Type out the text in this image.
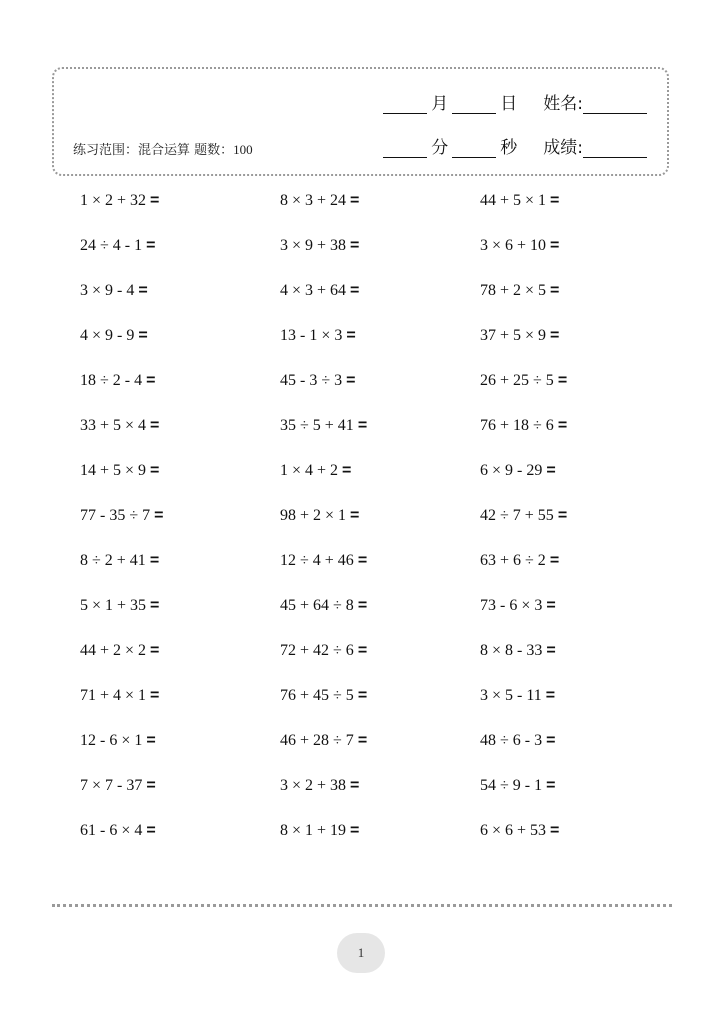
月	日 姓名:
练习范围：混合运算 题数：100	分	秒 成绩:
1 × 2 + 32 =	8 × 3 + 24 =	44 + 5 × 1 =
24 ÷ 4 - 1 =	3 × 9 + 38 =	3 × 6 + 10 =
3 × 9 - 4 =	4 × 3 + 64 =	78 + 2 × 5 =
4 × 9 - 9 =	13 - 1 × 3 =	37 + 5 × 9 =
18 ÷ 2 - 4 =	45 - 3 ÷ 3 =	26 + 25 ÷ 5 =
33 + 5 × 4 =	35 ÷ 5 + 41 =	76 + 18 ÷ 6 =
14 + 5 × 9 =	1 × 4 + 2 =	6 × 9 - 29 =
77 - 35 ÷ 7 =	98 + 2 × 1 =	42 ÷ 7 + 55 =
8 ÷ 2 + 41 =	12 ÷ 4 + 46 =	63 + 6 ÷ 2 =
5 × 1 + 35 =	45 + 64 ÷ 8 =	73 - 6 × 3 =
44 + 2 × 2 =	72 + 42 ÷ 6 =	8 × 8 - 33 =
71 + 4 × 1 =	76 + 45 ÷ 5 =	3 × 5 - 11 =
12 - 6 × 1 =	46 + 28 ÷ 7 =	48 ÷ 6 - 3 =
7 × 7 - 37 =	3 × 2 + 38 =	54 ÷ 9 - 1 =
61 - 6 × 4 =	8 × 1 + 19 =	6 × 6 + 53 =
1
